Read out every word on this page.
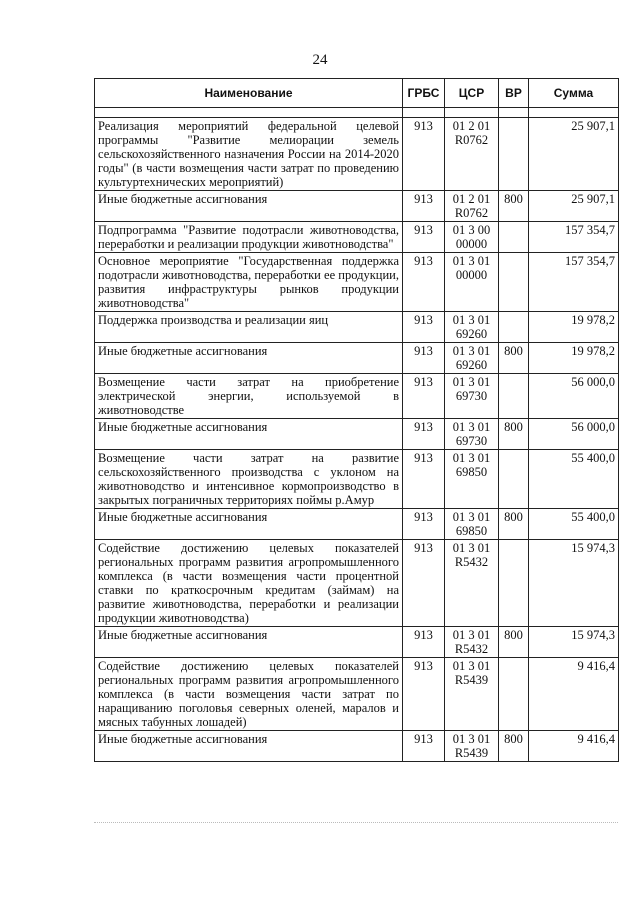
24
Наименование	ГРБС	ЦСР	ВР	Сумма

Реализация мероприятий федеральной целевой программы "Развитие мелиорации земель сельскохозяйственного назначения России на 2014-2020 годы" (в части возмещения части затрат по проведению культуртехнических мероприятий)	913	01 2 01 R0762		25 907,1
Иные бюджетные ассигнования	913	01 2 01 R0762	800	25 907,1
Подпрограмма "Развитие подотрасли животноводства, переработки и реализации продукции животноводства"	913	01 3 00 00000		157 354,7
Основное мероприятие "Государственная поддержка подотрасли животноводства, переработки ее продукции, развития инфраструктуры рынков продукции животноводства"	913	01 3 01 00000		157 354,7
Поддержка производства и реализации яиц	913	01 3 01 69260		19 978,2
Иные бюджетные ассигнования	913	01 3 01 69260	800	19 978,2
Возмещение части затрат на приобретение электрической энергии, используемой в животноводстве	913	01 3 01 69730		56 000,0
Иные бюджетные ассигнования	913	01 3 01 69730	800	56 000,0
Возмещение части затрат на развитие сельскохозяйственного производства с уклоном на животноводство и интенсивное кормопроизводство в закрытых пограничных территориях поймы р.Амур	913	01 3 01 69850		55 400,0
Иные бюджетные ассигнования	913	01 3 01 69850	800	55 400,0
Содействие достижению целевых показателей региональных программ развития агропромышленного комплекса (в части возмещения части процентной ставки по краткосрочным кредитам (займам) на развитие животноводства, переработки и реализации продукции животноводства)	913	01 3 01 R5432		15 974,3
Иные бюджетные ассигнования	913	01 3 01 R5432	800	15 974,3
Содействие достижению целевых показателей региональных программ развития агропромышленного комплекса (в части возмещения части затрат по наращиванию поголовья северных оленей, маралов и мясных табунных лошадей)	913	01 3 01 R5439		9 416,4
Иные бюджетные ассигнования	913	01 3 01 R5439	800	9 416,4
